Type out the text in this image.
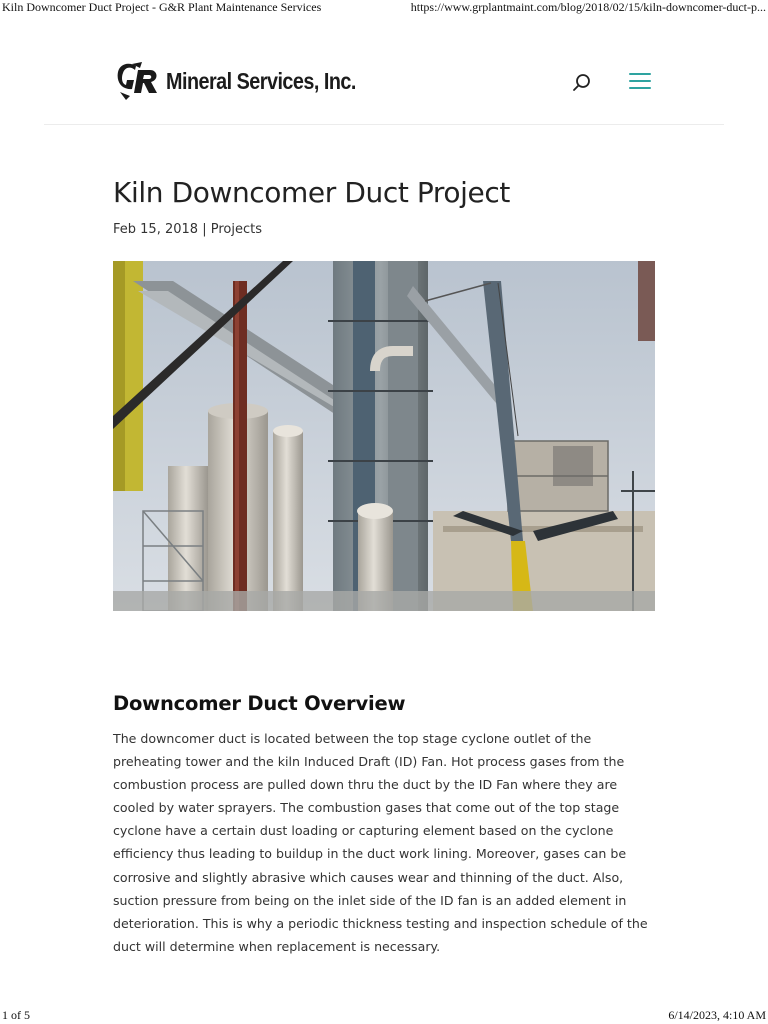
Kiln Downcomer Duct Project - G&R Plant Maintenance Services	https://www.grplantmaint.com/blog/2018/02/15/kiln-downcomer-duct-p...
Mineral Services, Inc.
Kiln Downcomer Duct Project
Feb 15, 2018 | Projects
Downcomer Duct Overview

The downcomer duct is located between the top stage cyclone outlet of the preheating tower and the kiln Induced Draft (ID) Fan. Hot process gases from the combustion process are pulled down thru the duct by the ID Fan where they are cooled by water sprayers. The combustion gases that come out of the top stage cyclone have a certain dust loading or capturing element based on the cyclone efficiency thus leading to buildup in the duct work lining. Moreover, gases can be corrosive and slightly abrasive which causes wear and thinning of the duct. Also, suction pressure from being on the inlet side of the ID fan is an added element in deterioration. This is why a periodic thickness testing and inspection schedule of the duct will determine when replacement is necessary.

1 of 5	6/14/2023, 4:10 AM
